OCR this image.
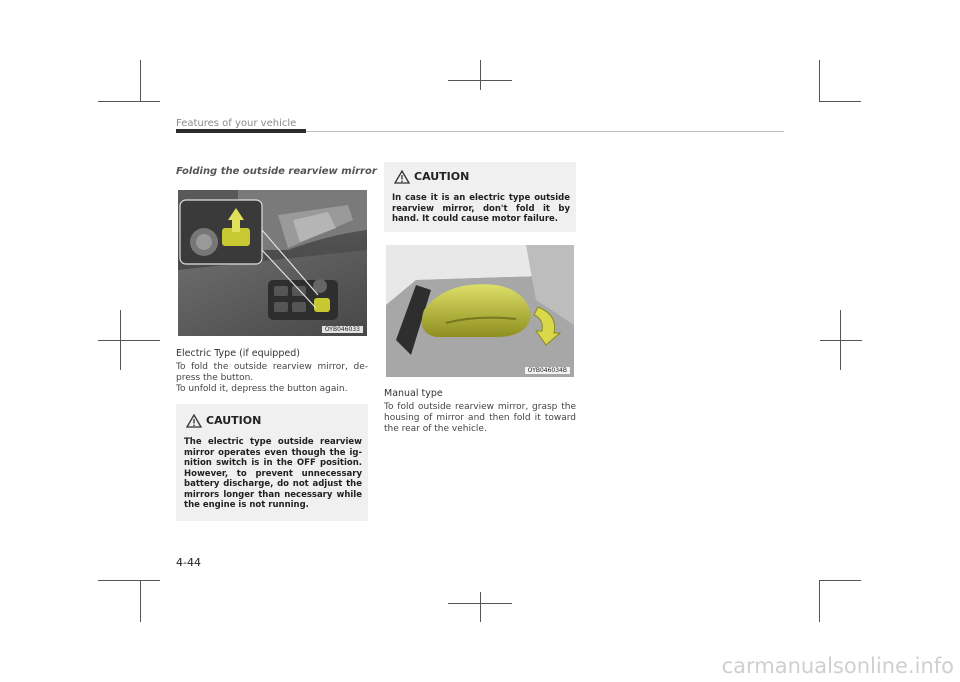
Features of your vehicle
Folding the outside rearview mirror
OYB046033
Electric Type (if equipped)
To fold the outside rearview mirror, de-press the button.
To unfold it, depress the button again.
CAUTION
The electric type outside rearview mirror operates even though the ig-nition switch is in the OFF position. However, to prevent unnecessary battery discharge, do not adjust the mirrors longer than necessary while the engine is not running.
CAUTION
In case it is an electric type outside rearview mirror, don't fold it by hand. It could cause motor failure.
OYB046034B
Manual type
To fold outside rearview mirror, grasp the housing of mirror and then fold it toward the rear of the vehicle.
4-44
carmanualsonline.info
